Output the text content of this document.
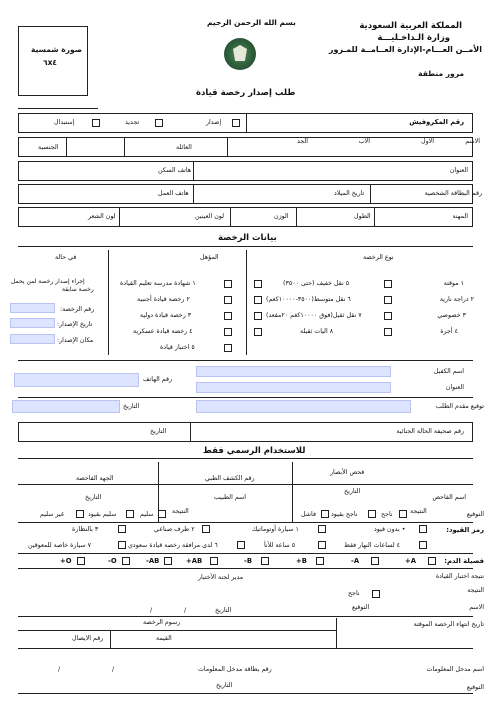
المملكة العربية السعودية
وزارة الـداخـليـــة
الأمــن العـــام-الإدارة العــامــة للمـرور
مرور منطقة
بسم الله الرحمن الرحيم
طلب إصدار رخصة قيادة
صورة شمسية
٦x٤
رقم المكروفيش
إصدار
تجديد
إستبدال
الاسم
الأول
الأب
الجد
العائلة
الجنسية
العنوان
هاتف السكن
رقم البطاقة الشخصية
تاريخ الميلاد
هاتف العمل
المهنة
الطول
الوزن
لون العينين
لون الشعر
بيانات الرخصة
نوع الرخصة
المؤهل
في حالة
١ موقتة
٢ دراجة نارية
٣ خصوصي
٤ أجرة
٥ نقل خفيف (حتى ٣٥٠٠)
٦ نقل متوسط(٣٥٠٠-١٠٠٠٠كغم)
٧ نقل ثقيل(فوق ١٠٠٠٠كغم ٢٠مقعد)
٨ اليات ثقيلة
١ شهادة مدرسة تعليم القيادة
٢ رخصة قيادة أجنبية
٣ رخصة قيادة دولية
٤ رخصة قيادة عسكرية
٥ اختبار قيادة
إجراء إصدار رخصة لمن يحمل
رخصة سابقة
رقم الرخصة:
تاريخ الإصدار:
مكان الإصدار:
اسم الكفيل
العنوان
رقم الهاتف
توقيع مقدم الطلب
التاريخ
رقم صحيفة الحالة الجنائية
التاريخ
للاستخدام الرسمي فقط
فحص الأبصار
رقم الكشف الطبي
الجهة الفاحصة
التاريخ
اسم الفاحص
التوقيع
النتيجة
ناجح
ناجح بقيود
فاشل
اسم الطبيب
التاريخ
النتيجة
سليم
سليم بقيود
غير سليم
رمز القيود:
• بدون قيود
١ سيارة أوتوماتيك
٢ طرف صناعي
٣ بالنظارة
٤ لساعات النهار فقط
٥ ساعة للأنأ
٦ لدى مرافقة رخصة قيادة سعودي
٧ سيارة خاصة للمعوقين
فصيلة الدم:
A+
A-
B+
B-
AB+
AB-
O-
O+
نتيجة اختبار القيادة
مدير لجنة الأختبار
النتيجة
ناجح
الاسم
التوقيع
التاريخ
/
/
تاريخ انتهاء الرخصة الموقتة
رسوم الرخصة
القيمة
رقم الايصال
اسم مدخل المعلومات
رقم بطاقة مدخل المعلومات
التوقيع
التاريخ
/
/
